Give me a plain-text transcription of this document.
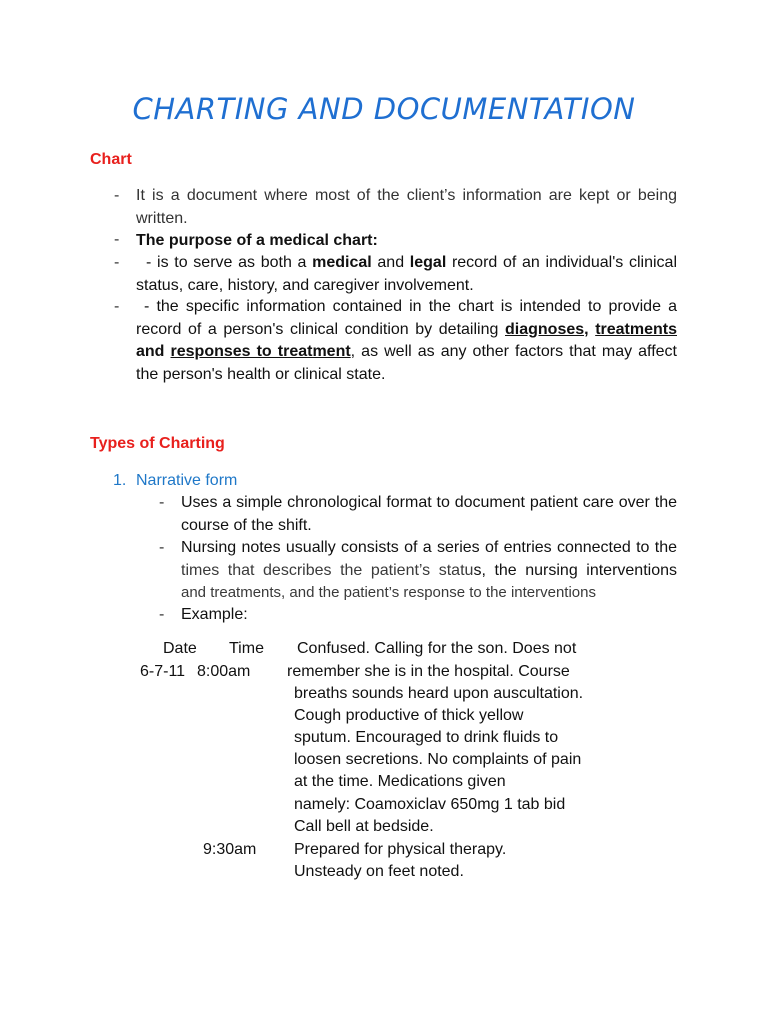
CHARTING AND DOCUMENTATION
Chart
- It is a document where most of the client’s information are kept or being written.

- The purpose of a medical chart:

-	- is to serve as both a medical and legal record of an individual's clinical status, care, history, and caregiver involvement.

-	- the specific information contained in the chart is intended to provide a record of a person's clinical condition by detailing diagnoses, treatments and responses to treatment, as well as any other factors that may affect the person's health or clinical state.

Types of Charting
1. Narrative form
- Uses a simple chronological format to document patient care over the course of the shift.

- Nursing notes usually consists of a series of entries connected to the
times that describes the patient’s status, the nursing interventions
and treatments, and the patient’s response to the interventions
- Example:

Date Time Confused. Calling for the son. Does not
6-7-11 8:00am remember she is in the hospital. Course
breaths sounds heard upon auscultation.
Cough productive of thick yellow
sputum. Encouraged to drink fluids to
loosen secretions. No complaints of pain
at the time. Medications given
namely: Coamoxiclav 650mg 1 tab bid
Call bell at bedside.
9:30am Prepared for physical therapy.
Unsteady on feet noted.
